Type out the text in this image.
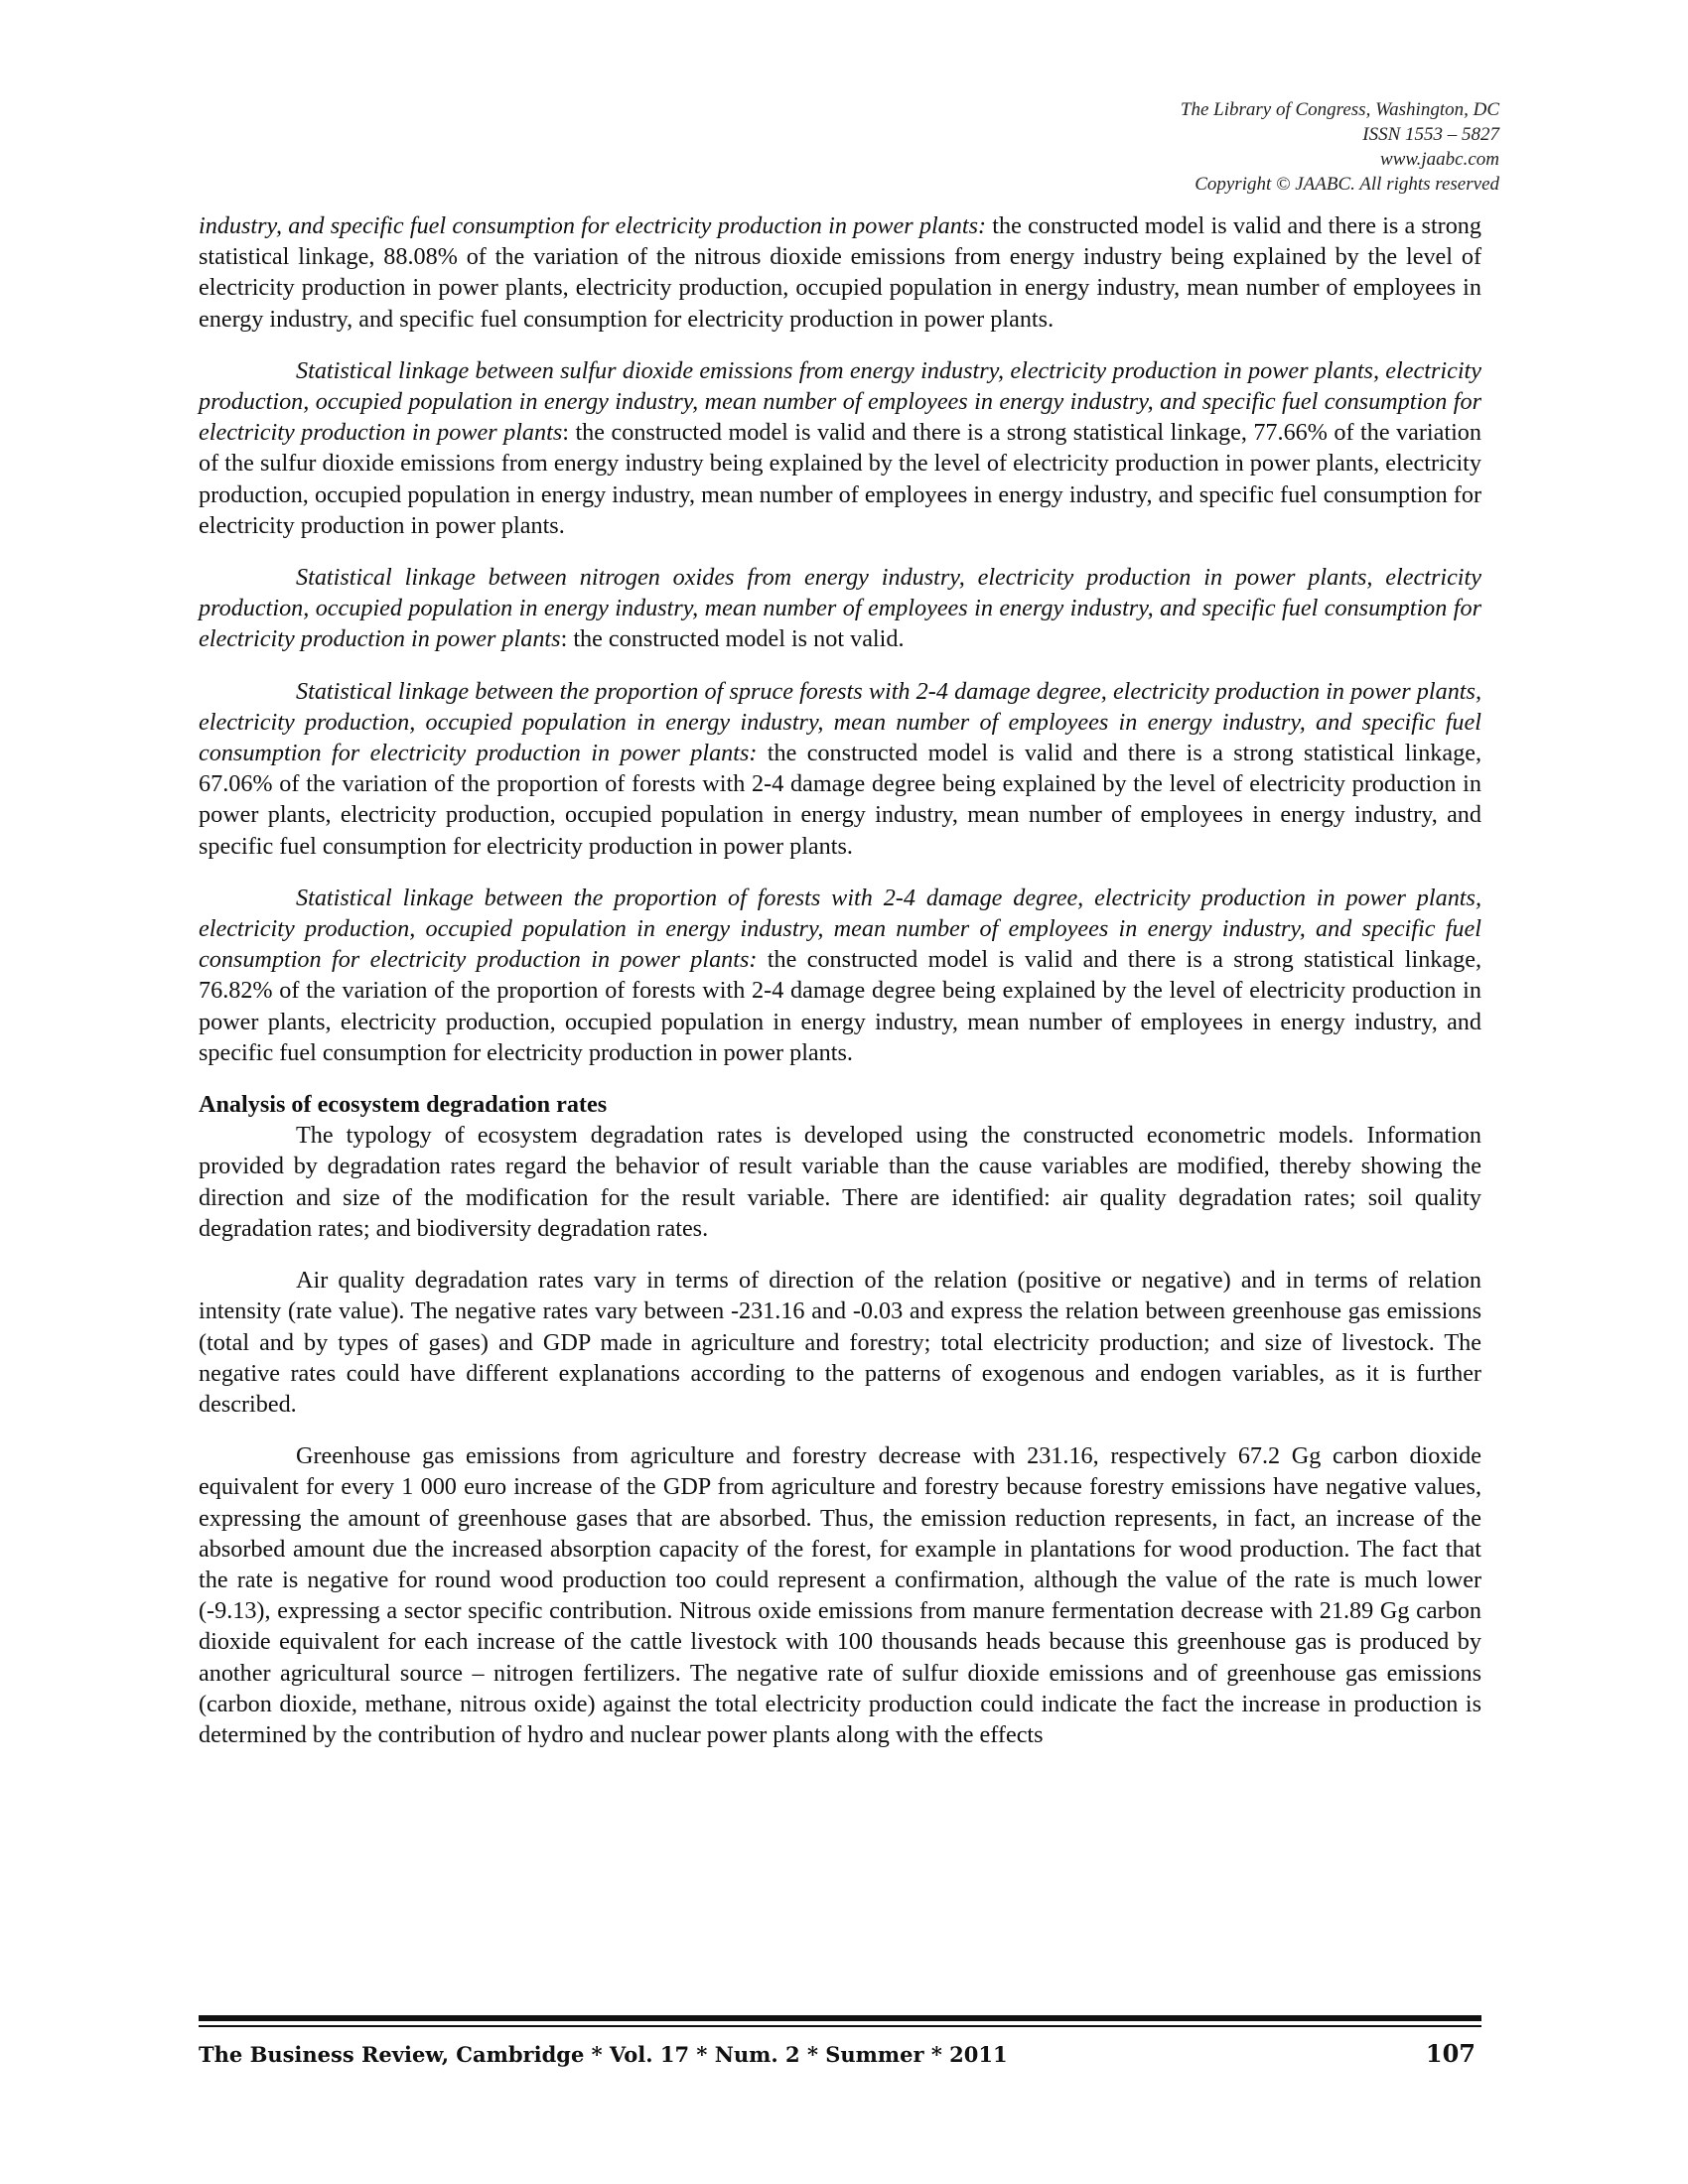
The Library of Congress, Washington, DC
ISSN 1553 – 5827
www.jaabc.com
Copyright © JAABC. All rights reserved

industry, and specific fuel consumption for electricity production in power plants: the constructed model is valid and there is a strong statistical linkage, 88.08% of the variation of the nitrous dioxide emissions from energy industry being explained by the level of electricity production in power plants, electricity production, occupied population in energy industry, mean number of employees in energy industry, and specific fuel consumption for electricity production in power plants.

Statistical linkage between sulfur dioxide emissions from energy industry, electricity production in power plants, electricity production, occupied population in energy industry, mean number of employees in energy industry, and specific fuel consumption for electricity production in power plants: the constructed model is valid and there is a strong statistical linkage, 77.66% of the variation of the sulfur dioxide emissions from energy industry being explained by the level of electricity production in power plants, electricity production, occupied population in energy industry, mean number of employees in energy industry, and specific fuel consumption for electricity production in power plants.

Statistical linkage between nitrogen oxides from energy industry, electricity production in power plants, electricity production, occupied population in energy industry, mean number of employees in energy industry, and specific fuel consumption for electricity production in power plants: the constructed model is not valid.

Statistical linkage between the proportion of spruce forests with 2-4 damage degree, electricity production in power plants, electricity production, occupied population in energy industry, mean number of employees in energy industry, and specific fuel consumption for electricity production in power plants: the constructed model is valid and there is a strong statistical linkage, 67.06% of the variation of the proportion of forests with 2-4 damage degree being explained by the level of electricity production in power plants, electricity production, occupied population in energy industry, mean number of employees in energy industry, and specific fuel consumption for electricity production in power plants.

Statistical linkage between the proportion of forests with 2-4 damage degree, electricity production in power plants, electricity production, occupied population in energy industry, mean number of employees in energy industry, and specific fuel consumption for electricity production in power plants: the constructed model is valid and there is a strong statistical linkage, 76.82% of the variation of the proportion of forests with 2-4 damage degree being explained by the level of electricity production in power plants, electricity production, occupied population in energy industry, mean number of employees in energy industry, and specific fuel consumption for electricity production in power plants.

Analysis of ecosystem degradation rates

The typology of ecosystem degradation rates is developed using the constructed econometric models. Information provided by degradation rates regard the behavior of result variable than the cause variables are modified, thereby showing the direction and size of the modification for the result variable. There are identified: air quality degradation rates; soil quality degradation rates; and biodiversity degradation rates.

Air quality degradation rates vary in terms of direction of the relation (positive or negative) and in terms of relation intensity (rate value). The negative rates vary between -231.16 and -0.03 and express the relation between greenhouse gas emissions (total and by types of gases) and GDP made in agriculture and forestry; total electricity production; and size of livestock. The negative rates could have different explanations according to the patterns of exogenous and endogen variables, as it is further described.

Greenhouse gas emissions from agriculture and forestry decrease with 231.16, respectively 67.2 Gg carbon dioxide equivalent for every 1 000 euro increase of the GDP from agriculture and forestry because forestry emissions have negative values, expressing the amount of greenhouse gases that are absorbed. Thus, the emission reduction represents, in fact, an increase of the absorbed amount due the increased absorption capacity of the forest, for example in plantations for wood production. The fact that the rate is negative for round wood production too could represent a confirmation, although the value of the rate is much lower (-9.13), expressing a sector specific contribution. Nitrous oxide emissions from manure fermentation decrease with 21.89 Gg carbon dioxide equivalent for each increase of the cattle livestock with 100 thousands heads because this greenhouse gas is produced by another agricultural source – nitrogen fertilizers. The negative rate of sulfur dioxide emissions and of greenhouse gas emissions (carbon dioxide, methane, nitrous oxide) against the total electricity production could indicate the fact the increase in production is determined by the contribution of hydro and nuclear power plants along with the effects

The Business Review, Cambridge * Vol. 17 * Num. 2 * Summer * 2011	107
